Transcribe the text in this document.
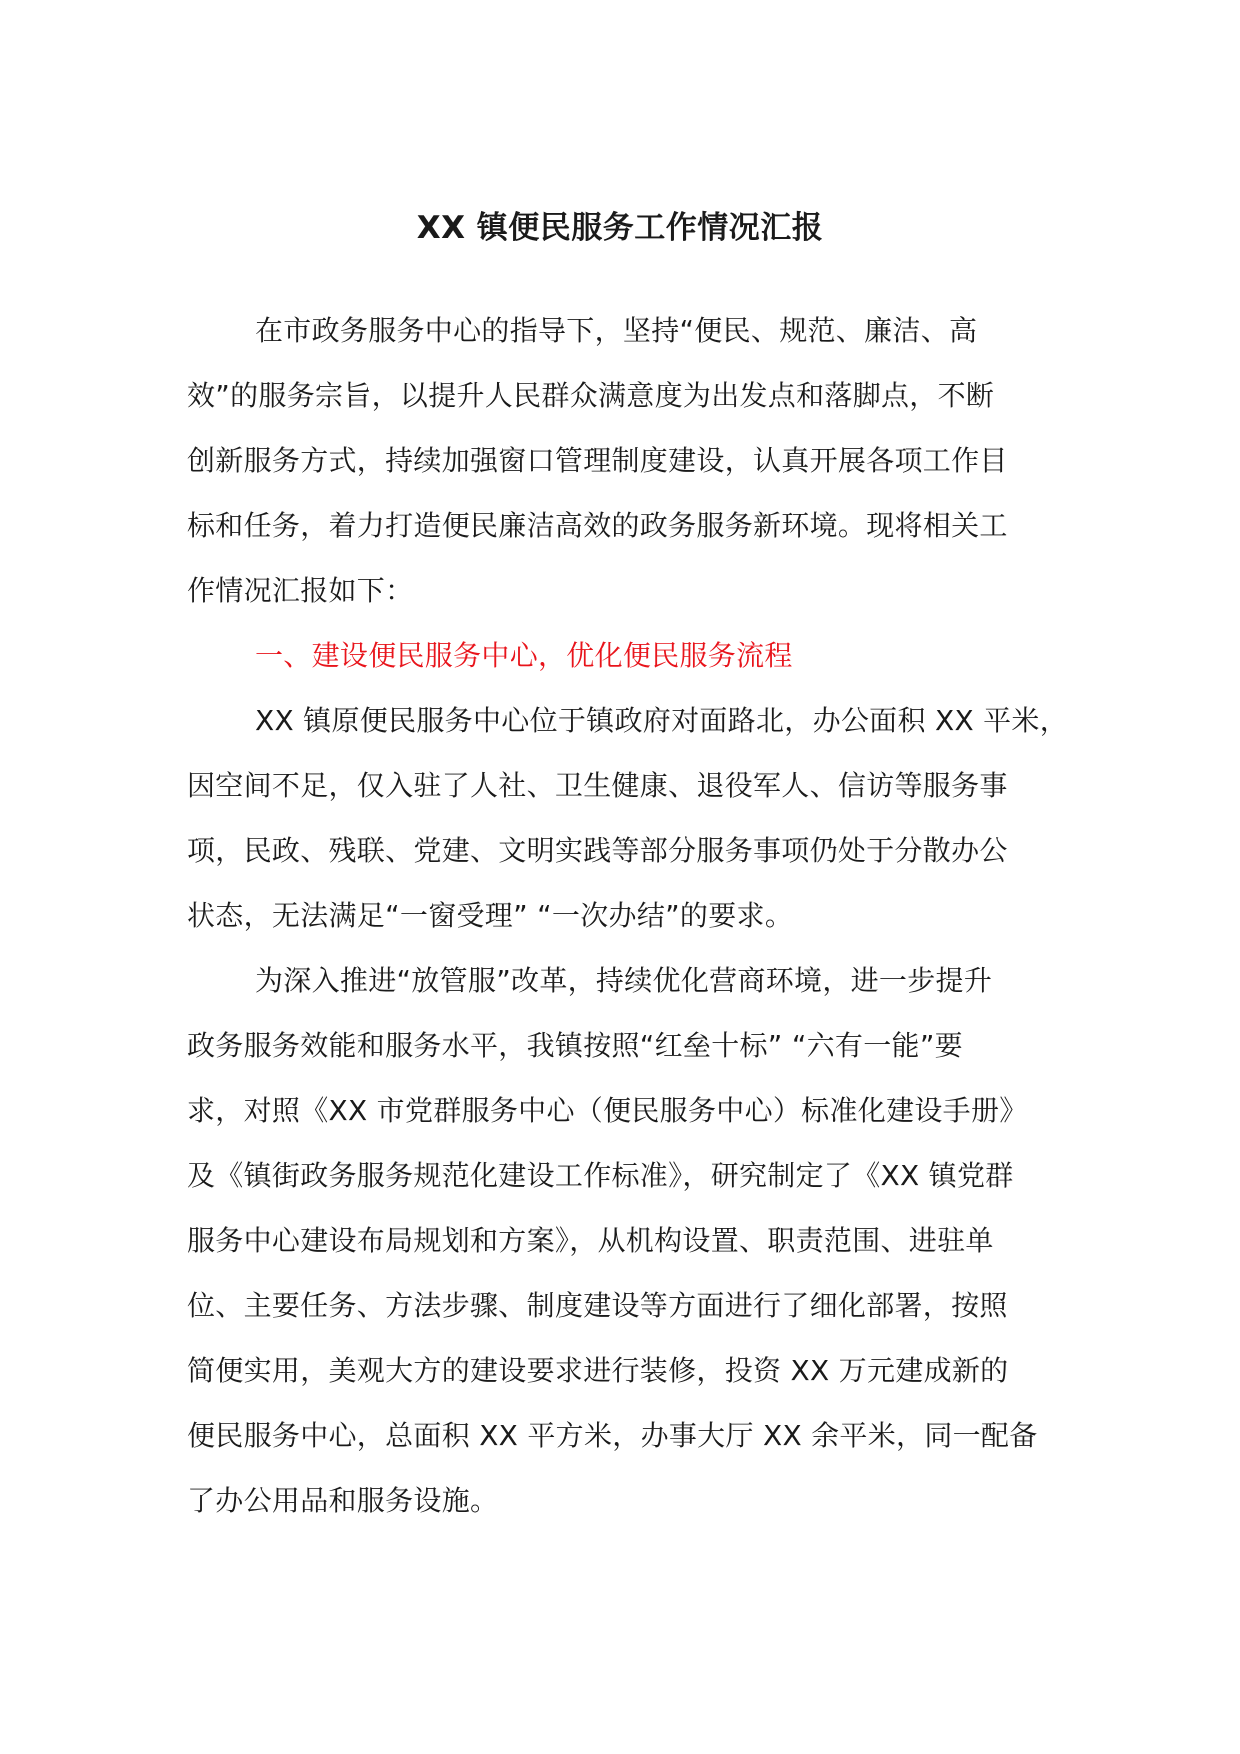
XX 镇便民服务工作情况汇报
在市政务服务中心的指导下，坚持“便民、规范、廉洁、高
效”的服务宗旨，以提升人民群众满意度为出发点和落脚点，不断
创新服务方式，持续加强窗口管理制度建设，认真开展各项工作目
标和任务，着力打造便民廉洁高效的政务服务新环境。现将相关工
作情况汇报如下：
一、建设便民服务中心，优化便民服务流程
XX 镇原便民服务中心位于镇政府对面路北，办公面积 XX 平米，
因空间不足，仅入驻了人社、卫生健康、退役军人、信访等服务事
项，民政、残联、党建、文明实践等部分服务事项仍处于分散办公
状态，无法满足“一窗受理” “一次办结”的要求。
为深入推进“放管服”改革，持续优化营商环境，进一步提升
政务服务效能和服务水平，我镇按照“红垒十标” “六有一能”要
求，对照《XX 市党群服务中心（便民服务中心）标准化建设手册》
及《镇街政务服务规范化建设工作标准》，研究制定了《XX 镇党群
服务中心建设布局规划和方案》，从机构设置、职责范围、进驻单
位、主要任务、方法步骤、制度建设等方面进行了细化部署，按照
简便实用，美观大方的建设要求进行装修，投资 XX 万元建成新的
便民服务中心，总面积 XX 平方米，办事大厅 XX 余平米，同一配备
了办公用品和服务设施。
